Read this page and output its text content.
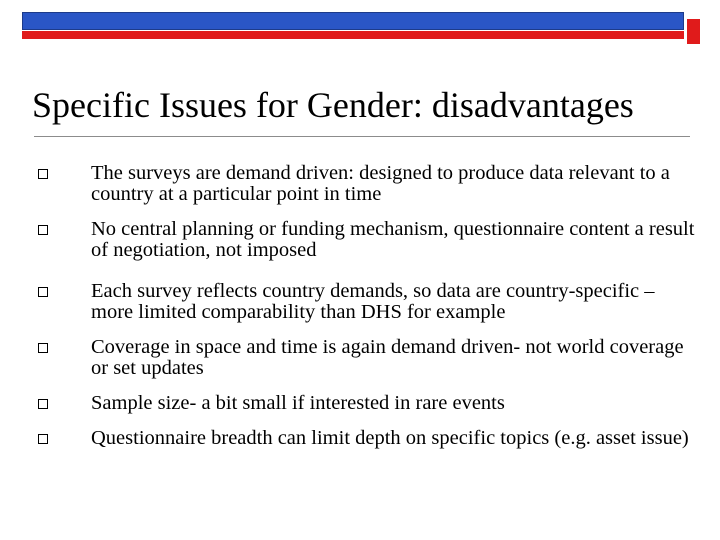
Specific Issues for Gender: disadvantages
The surveys are demand driven: designed to produce data relevant to a country at a particular point in time
No central planning or funding mechanism, questionnaire content a result of negotiation, not imposed
Each survey reflects country demands, so data are country-specific – more limited comparability than DHS for example
Coverage in space and time is again demand driven- not world coverage or set updates
Sample size- a bit small if interested in rare events
Questionnaire breadth can limit depth on specific topics (e.g. asset issue)
